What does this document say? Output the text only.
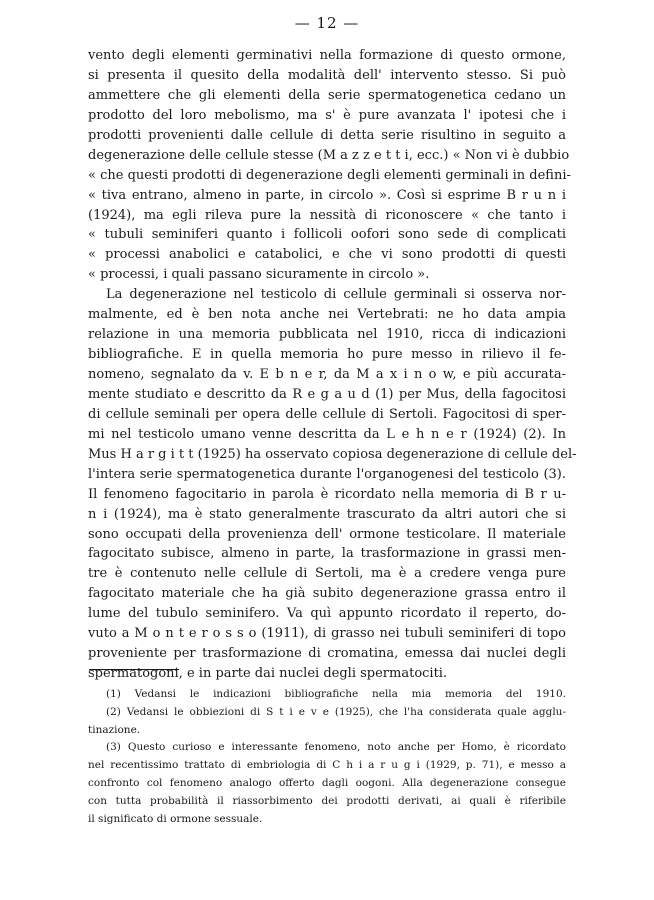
— 12 —
vento degli elementi germinativi nella formazione di questo ormone,
si presenta il quesito della modalità dell' intervento stesso. Si può
ammettere che gli elementi della serie spermatogenetica cedano un
prodotto del loro mebolismo, ma s' è pure avanzata l' ipotesi che i
prodotti provenienti dalle cellule di detta serie risultino in seguito a
degenerazione delle cellule stesse (M a z z e t t i, ecc.) « Non vi è dubbio
« che questi prodotti di degenerazione degli elementi germinali in defini-
« tiva entrano, almeno in parte, in circolo ». Così si esprime B r u n i
(1924), ma egli rileva pure la nessità di riconoscere « che tanto i
« tubuli seminiferi quanto i follicoli oofori sono sede di complicati
« processi anabolici e catabolici, e che vi sono prodotti di questi
« processi, i quali passano sicuramente in circolo ».
La degenerazione nel testicolo di cellule germinali si osserva nor-
malmente, ed è ben nota anche nei Vertebrati: ne ho data ampia
relazione in una memoria pubblicata nel 1910, ricca di indicazioni
bibliografiche. E in quella memoria ho pure messo in rilievo il fe-
nomeno, segnalato da v. E b n e r, da M a x i n o w, e più accurata-
mente studiato e descritto da R e g a u d (1) per Mus, della fagocitosi
di cellule seminali per opera delle cellule di Sertoli. Fagocitosi di sper-
mi nel testicolo umano venne descritta da L e h n e r (1924) (2). In
Mus H a r g i t t (1925) ha osservato copiosa degenerazione di cellule del-
l'intera serie spermatogenetica durante l'organogenesi del testicolo (3).
Il fenomeno fagocitario in parola è ricordato nella memoria di B r u-
n i (1924), ma è stato generalmente trascurato da altri autori che si
sono occupati della provenienza dell' ormone testicolare. Il materiale
fagocitato subisce, almeno in parte, la trasformazione in grassi men-
tre è contenuto nelle cellule di Sertoli, ma è a credere venga pure
fagocitato materiale che ha già subito degenerazione grassa entro il
lume del tubulo seminifero. Va quì appunto ricordato il reperto, do-
vuto a M o n t e r o s s o (1911), di grasso nei tubuli seminiferi di topo
proveniente per trasformazione di cromatina, emessa dai nuclei degli
spermatogoni, e in parte dai nuclei degli spermatociti.
(1) Vedansi le indicazioni bibliografiche nella mia memoria del 1910.
(2) Vedansi le obbiezioni di S t i e v e (1925), che l'ha considerata quale agglu-
tinazione.
(3) Questo curioso e interessante fenomeno, noto anche per Homo, è ricordato
nel recentissimo trattato di embriologia di C h i a r u g i (1929, p. 71), e messo a
confronto col fenomeno analogo offerto dagli oogoni. Alla degenerazione consegue
con tutta probabilità il riassorbimento dei prodotti derivati, ai quali è riferibile
il significato di ormone sessuale.
